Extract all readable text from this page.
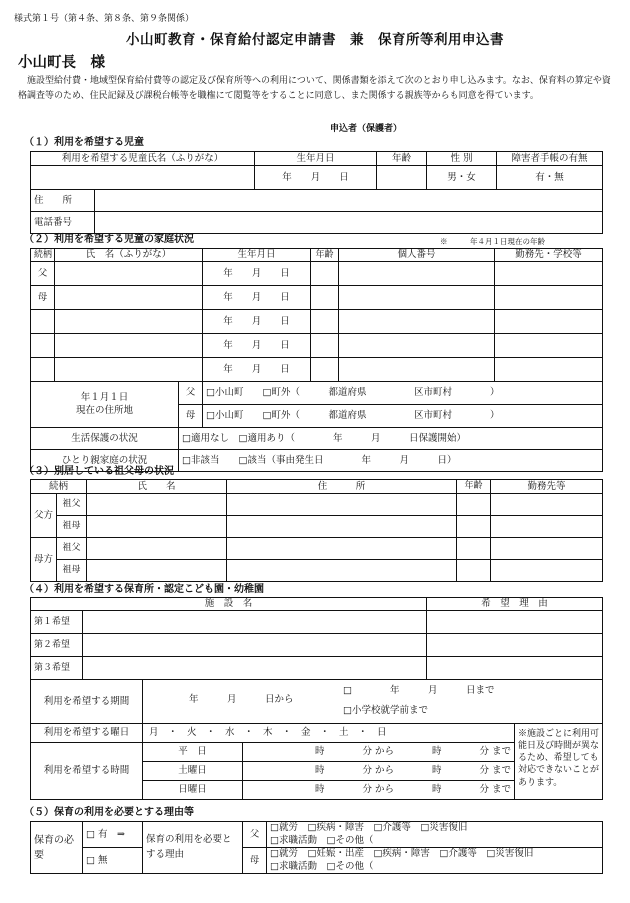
様式第１号（第４条、第８条、第９条関係）
小山町教育・保育給付認定申請書　兼　保育所等利用申込書
小山町長　様
施設型給付費・地域型保育給付費等の認定及び保育所等への利用について、関係書類を添えて次のとおり申し込みます。なお、保育料の算定や資格調査等のため、住民記録及び課税台帳等を職権にて閲覧等をすることに同意し、また関係する親族等からも同意を得ています。
申込者（保護者）
（１）利用を希望する児童
利用を希望する児童氏名（ふりがな）	生年月日	年齢	性 別	障害者手帳の有無
	年　　月　　日		男・女	有・無
住　　所	
電話番号	
（２）利用を希望する児童の家庭状況	※　　　年４月１日現在の年齢
続柄	氏　名（ふりがな）	生年月日	年齢	個人番号	勤務先・学校等
父		年　　月　　日		

母		年　　月　　日		

		年　　月　　日		

		年　　月　　日		

		年　　月　　日		

年１月１日
現在の住所地	父	□小山町　　□町外（　　　都道府県　　　　　区市町村　　　　）
	母	□小山町　　□町外（　　　都道府県　　　　　区市町村　　　　）
生活保護の状況	□適用なし　□適用あり（　　　　年　　　月　　　日保護開始）	
ひとり親家庭の状況	□非該当　　□該当（事由発生日　　　　年　　　月　　　日）	
（３）別居している祖父母の状況
続柄		氏　　名	住　　　所	年齢	勤務先等
父方	祖父				
	祖母				
母方	祖父				
	祖母				
（４）利用を希望する保育所・認定こども園・幼稚園
施　設　名		希　望　理　由
第１希望		
第２希望		
第３希望		
利用を希望する期間	年　　　月　　　日から
□　　　　年　　　月　　　日まで
□小学校就学前まで		

利用を希望する曜日	月　・　火　・　水　・　木　・　金　・　土　・　日		※施設ごとに利用可能日及び時間が異なるため、希望しても対応できないことがあります。
利用を希望する時間	平　日	時　　　　分 から　　　　時　　　　分 まで	
	土曜日	時　　　　分 から　　　　時　　　　分 まで	
	日曜日	時　　　　分 から　　　　時　　　　分 まで	
（５）保育の利用を必要とする理由等
保育の必　要	□ 有　⇒	保育の利用を必要とする理由	父	□就労　□疾病・障害　□介護等　□災害復旧
□求職活動　□その他（

	□ 無		母	□就労　□妊娠・出産　□疾病・障害　□介護等　□災害復旧
□求職活動　□その他（
